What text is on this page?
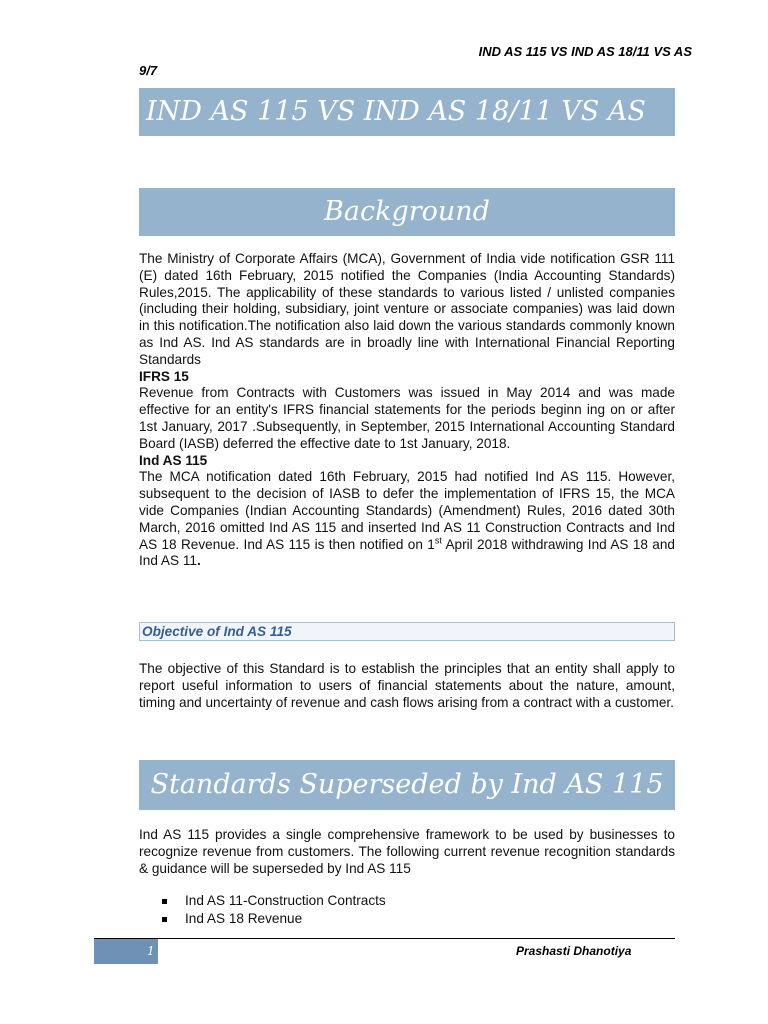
IND AS 115 VS IND AS 18/11 VS AS
9/7
IND AS 115 VS IND AS 18/11 VS AS 9/7
Background

The Ministry of Corporate Affairs (MCA), Government of India vide notification GSR 111 (E) dated 16th February, 2015 notified the Companies (India Accounting Standards) Rules,2015. The applicability of these standards to various listed / unlisted companies (including their holding, subsidiary, joint venture or associate companies) was laid down in this notification.The notification also laid down the various standards commonly known as Ind AS. Ind AS standards are in broadly line with International Financial Reporting Standards

IFRS 15

Revenue from Contracts with Customers was issued in May 2014 and was made effective for an entity's IFRS financial statements for the periods beginn ing on or after 1st January, 2017 .Subsequently, in September, 2015 International Accounting Standard Board (IASB) deferred the effective date to 1st January, 2018.

Ind AS 115

The MCA notification dated 16th February, 2015 had notified Ind AS 115. However, subsequent to the decision of IASB to defer the implementation of IFRS 15, the MCA vide Companies (Indian Accounting Standards) (Amendment) Rules, 2016 dated 30th March, 2016 omitted Ind AS 115 and inserted Ind AS 11 Construction Contracts and Ind AS 18 Revenue. Ind AS 115 is then notified on 1st April 2018 withdrawing Ind AS 18 and Ind AS 11.

Objective of Ind AS 115

The objective of this Standard is to establish the principles that an entity shall apply to report useful information to users of financial statements about the nature, amount, timing and uncertainty of revenue and cash flows arising from a contract with a customer.

Standards Superseded by Ind AS 115

Ind AS 115 provides a single comprehensive framework to be used by businesses to recognize revenue from customers. The following current revenue recognition standards & guidance will be superseded by Ind AS 115

Ind AS 11-Construction Contracts
Ind AS 18 Revenue
1	Prashasti Dhanotiya
